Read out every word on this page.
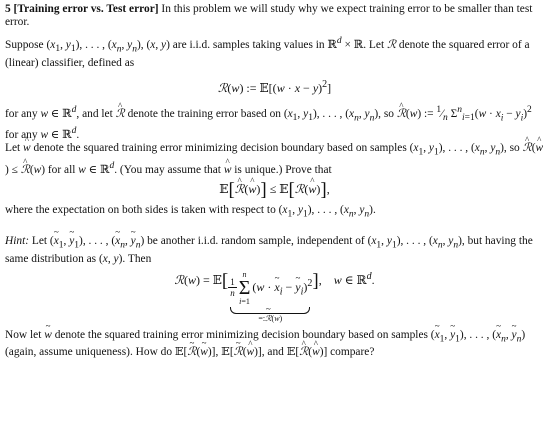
5 [Training error vs. Test error] In this problem we will study why we expect training error to be smaller than test error.

Suppose ($x_1$, $y_1$), . . . , ($x_n$, $y_n$), (x, y) are i.i.d. samples taking values in ℝ$^d$ × ℝ. Let ℛ denote the squared error of a (linear) classifier, defined as

ℛ(w) := 𝔼[(w · x − y)$^2$]

for any w ∈ ℝ$^d$, and let ℛ ^ denote the training error based on ($x_1$, $y_1$), . . . , ($x_n$, $y_n$), so ℛ ^(w) := $^1⁄_n$ $\Sigma^n_{i=1}(w \cdot x_i - y_i)^2$ for any w ∈ ℝ$^d$.

Let w ^ denote the squared training error minimizing decision boundary based on samples ($x_1$, $y_1$), . . . , ($x_n$, $y_n$), so ℛ ^(w ^) ≤ ℛ ^(w) for all w ∈ ℝ$^d$. (You may assume that w ^ is unique.) Prove that

𝔼[ℛ ^(w ^)] ≤ 𝔼[ℛ(w ^)],

where the expectation on both sides is taken with respect to ($x_1$, $y_1$), . . . , ($x_n$, $y_n$).

Hint: Let (x $\sim_1$, y $\sim_1$), . . . , (x $\sim_n$, y $\sim_n$) be another i.i.d. random sample, independent of ($x_1$, $y_1$), . . . , ($x_n$, $y_n$), but having the same distribution as (x, y). Then

ℛ(w) = 𝔼[ $\frac{1}{n}$
n
Σ
i=1(w · x $\sim_i - y$ $\sim_i)^2$
=:ℛ ~(w)
],    w ∈ ℝ$^d$.

Now let w ~ denote the squared training error minimizing decision boundary based on samples (x $\sim_1$, y $\sim_1$), . . . , (x $\sim_n$, y $\sim_n$) (again, assume uniqueness). How do 𝔼[ℛ ~(w ~)], 𝔼[ℛ ~(w ^)], and 𝔼[ℛ ^(w ^)] compare?
